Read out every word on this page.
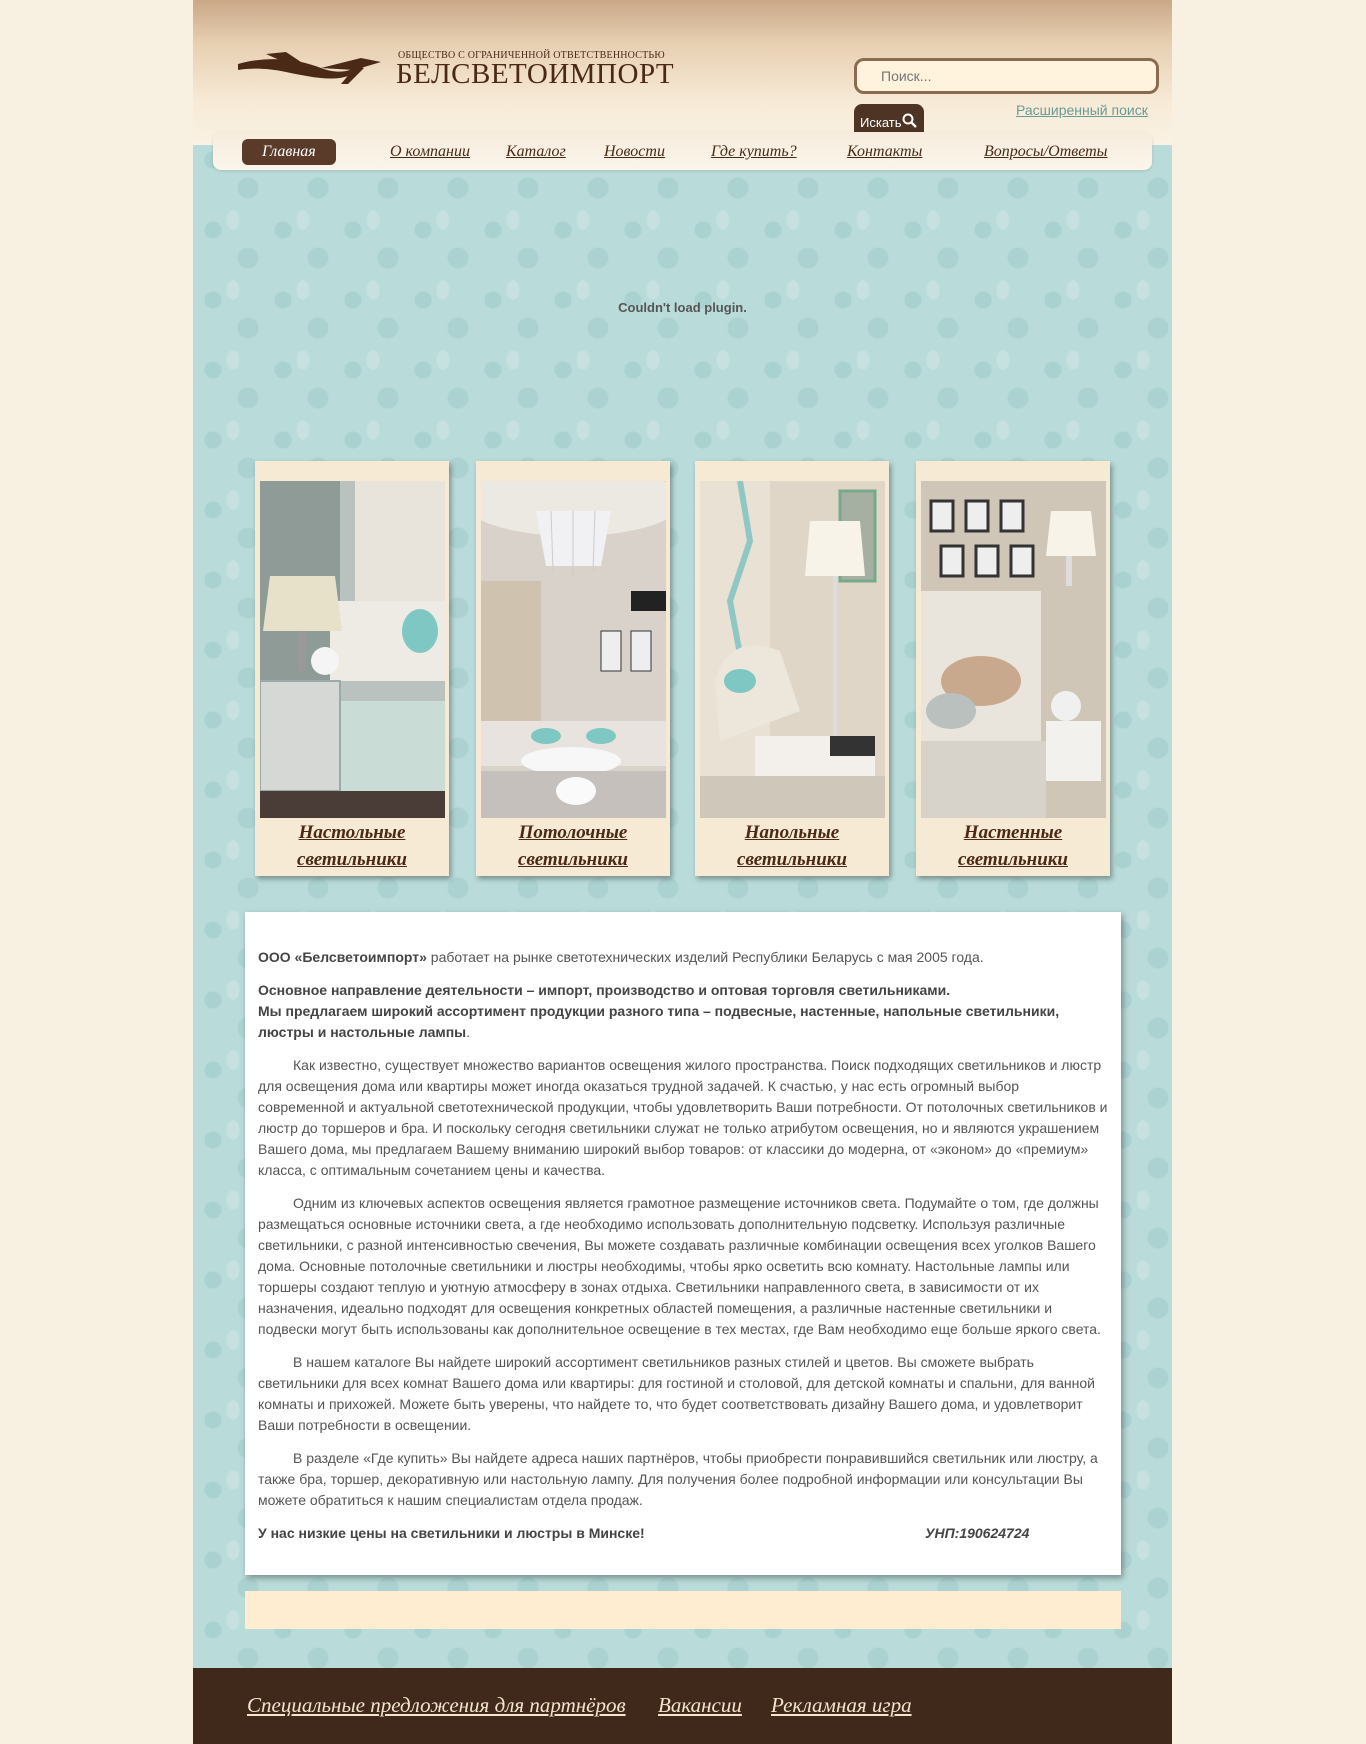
ОБЩЕСТВО С ОГРАНИЧЕННОЙ ОТВЕТСТВЕННОСТЬЮ
БЕЛСВЕТОИМПОРТ
Поиск...
Искать
Расширенный поиск
Главная	О компании Каталог Новости	Где купить?	Контакты	Вопросы/Ответы
Couldn't load plugin.
Настольные
светильники
Потолочные
светильники
Напольные
светильники
Настенные
светильники

ООО «Белсветоимпорт» работает на рынке светотехнических изделий Республики Беларусь с мая 2005 года.

Основное направление деятельности – импорт, производство и оптовая торговля светильниками.
Мы предлагаем широкий ассортимент продукции разного типа – подвесные, настенные, напольные светильники, люстры и настольные лампы.

Как известно, существует множество вариантов освещения жилого пространства. Поиск подходящих светильников и люстр для освещения дома или квартиры может иногда оказаться трудной задачей. К счастью, у нас есть огромный выбор современной и актуальной светотехнической продукции, чтобы удовлетворить Ваши потребности. От потолочных светильников и люстр до торшеров и бра. И поскольку сегодня светильники служат не только атрибутом освещения, но и являются украшением Вашего дома, мы предлагаем Вашему вниманию широкий выбор товаров: от классики до модерна, от «эконом» до «премиум» класса, с оптимальным сочетанием цены и качества.

Одним из ключевых аспектов освещения является грамотное размещение источников света. Подумайте о том, где должны размещаться основные источники света, а где необходимо использовать дополнительную подсветку. Используя различные светильники, с разной интенсивностью свечения, Вы можете создавать различные комбинации освещения всех уголков Вашего дома. Основные потолочные светильники и люстры необходимы, чтобы ярко осветить всю комнату. Настольные лампы или торшеры создают теплую и уютную атмосферу в зонах отдыха. Светильники направленного света, в зависимости от их назначения, идеально подходят для освещения конкретных областей помещения, а различные настенные светильники и подвески могут быть использованы как дополнительное освещение в тех местах, где Вам необходимо еще больше яркого света.

В нашем каталоге Вы найдете широкий ассортимент светильников разных стилей и цветов. Вы сможете выбрать светильники для всех комнат Вашего дома или квартиры: для гостиной и столовой, для детской комнаты и спальни, для ванной комнаты и прихожей. Можете быть уверены, что найдете то, что будет соответствовать дизайну Вашего дома, и удовлетворит Ваши потребности в освещении.

В разделе «Где купить» Вы найдете адреса наших партнёров, чтобы приобрести понравившийся светильник или люстру, а также бра, торшер, декоративную или настольную лампу. Для получения более подробной информации или консультации Вы можете обратиться к нашим специалистам отдела продаж.

У нас низкие цены на светильники и люстры в Минске!	УНП:190624724

Специальные предложения для партнёров Вакансии Рекламная игра
